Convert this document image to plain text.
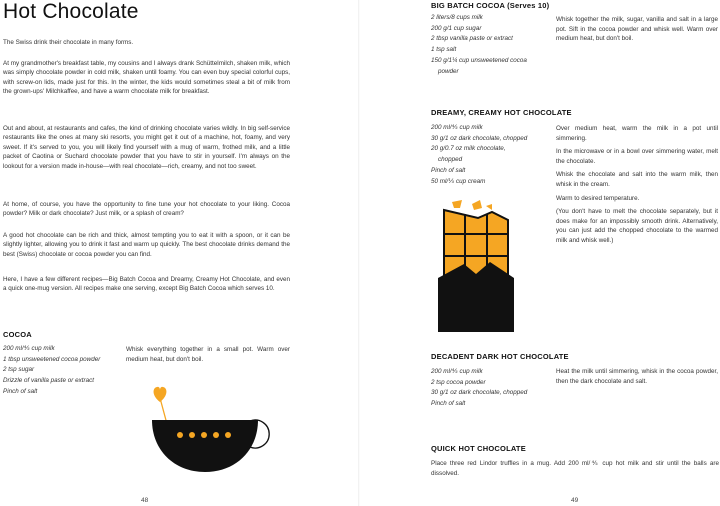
Hot Chocolate

The Swiss drink their chocolate in many forms.

At my grandmother's breakfast table, my cousins and I always drank Schüttelmilch, shaken milk, which was simply chocolate powder in cold milk, shaken until foamy. You can even buy special colorful cups, with screw-on lids, made just for this. In the winter, the kids would sometimes steal a bit of milk from the grown-ups' Milchkaffee, and have a warm chocolate milk for breakfast.

Out and about, at restaurants and cafes, the kind of drinking chocolate varies wildly. In big self-service restaurants like the ones at many ski resorts, you might get it out of a machine, hot, foamy, and very sweet. If it's served to you, you will likely find yourself with a mug of warm, frothed milk, and a little packet of Caotina or Suchard chocolate powder that you have to stir in yourself. I'm always on the lookout for a version made in-house—with real chocolate—rich, creamy, and not too sweet.

At home, of course, you have the opportunity to fine tune your hot chocolate to your liking. Cocoa powder? Milk or dark chocolate? Just milk, or a splash of cream?

A good hot chocolate can be rich and thick, almost tempting you to eat it with a spoon, or it can be slightly lighter, allowing you to drink it fast and warm up quickly. The best chocolate drinks demand the best (Swiss) chocolate or cocoa powder you can find.

Here, I have a few different recipes—Big Batch Cocoa and Dreamy, Creamy Hot Chocolate, and even a quick one-mug version. All recipes make one serving, except Big Batch Cocoa which serves 10.

COCOA
200 ml/⅘ cup milk
1 tbsp unsweetened cocoa powder
2 tsp sugar
Drizzle of vanilla paste or extract
Pinch of salt
Whisk everything together in a small pot. Warm over medium heat, but don't boil.
48
BIG BATCH COCOA (Serves 10)
2 liters/8 cups milk
200 g/1 cup sugar
2 tbsp vanilla paste or extract
1 tsp salt
150 g/1¼ cup unsweetened cocoa
powder
Whisk together the milk, sugar, vanilla and salt in a large pot. Sift in the cocoa powder and whisk well. Warm over medium heat, but don't boil.
DREAMY, CREAMY HOT CHOCOLATE
200 ml/⅘ cup milk
30 g/1 oz dark chocolate, chopped
20 g/0.7 oz milk chocolate,
chopped
Pinch of salt
50 ml/⅕ cup cream

Over medium heat, warm the milk in a pot until simmering.

In the microwave or in a bowl over simmering water, melt the chocolate.

Whisk the chocolate and salt into the warm milk, then whisk in the cream.

Warm to desired temperature.

(You don't have to melt the chocolate separately, but it does make for an impossibly smooth drink. Alternatively, you can just add the chopped chocolate to the warmed milk and whisk well.)

DECADENT DARK HOT CHOCOLATE
200 ml/⅘ cup milk
2 tsp cocoa powder
30 g/1 oz dark chocolate, chopped
Pinch of salt
Heat the milk until simmering, whisk in the cocoa powder, then the dark chocolate and salt.
QUICK HOT CHOCOLATE
Place three red Lindor truffles in a mug. Add 200 ml/⅘ cup hot milk and stir until the balls are dissolved.
49
